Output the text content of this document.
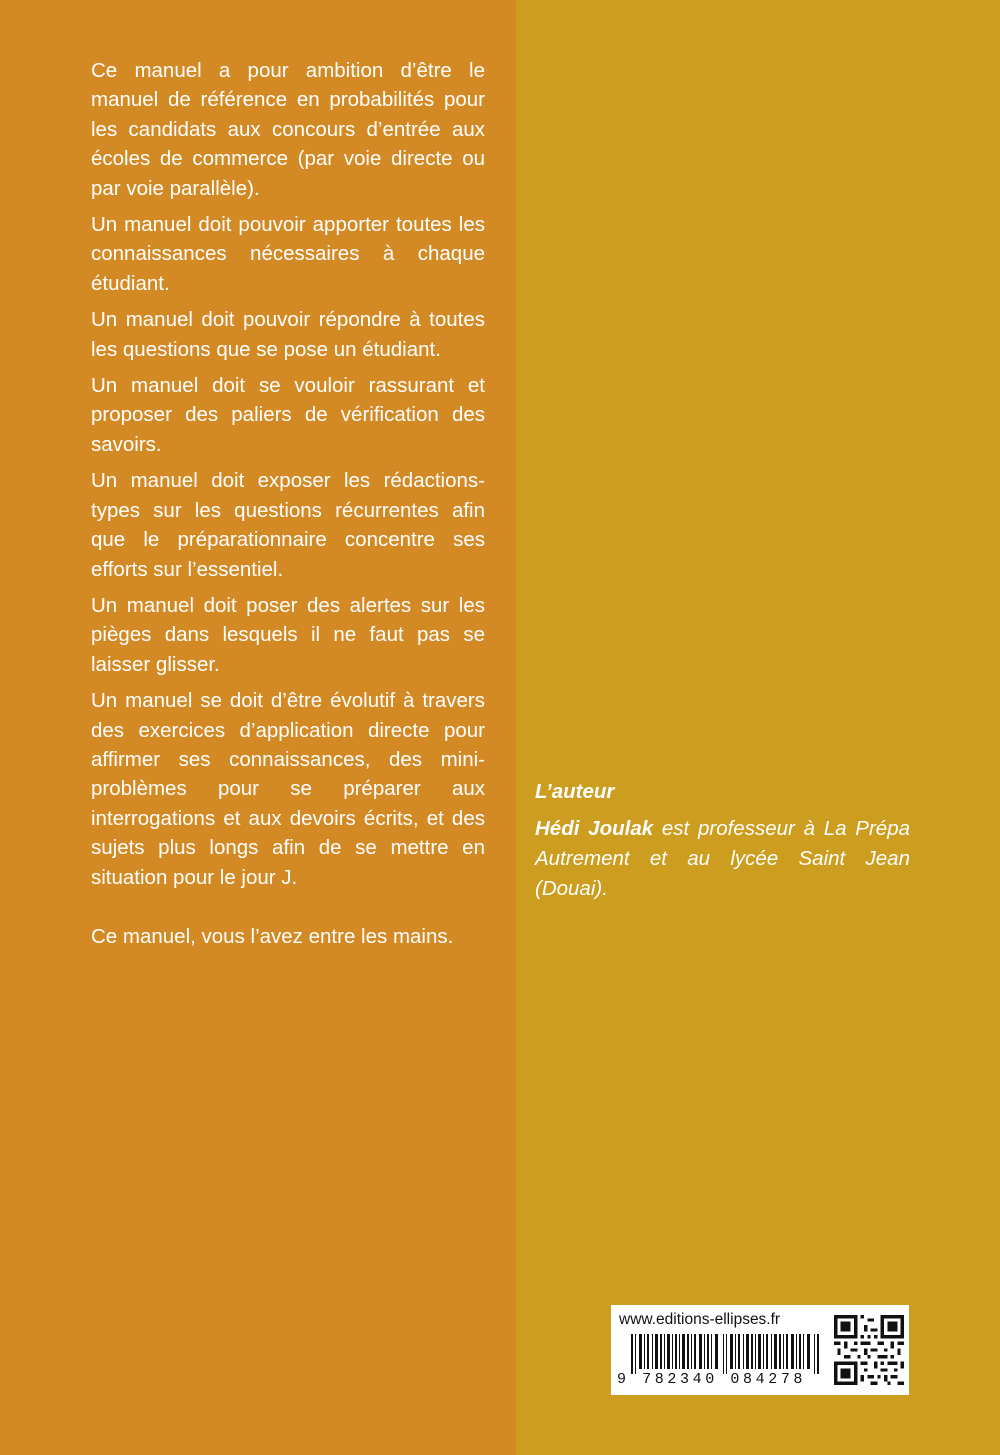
Ce manuel a pour ambition d’être le manuel de référence en probabilités pour les candidats aux concours d’entrée aux écoles de commerce (par voie directe ou par voie parallèle).

Un manuel doit pouvoir apporter toutes les connaissances nécessaires à chaque étudiant.

Un manuel doit pouvoir répondre à toutes les questions que se pose un étudiant.

Un manuel doit se vouloir rassurant et proposer des paliers de vérification des savoirs.

Un manuel doit exposer les rédactions-types sur les questions récurrentes afin que le préparationnaire concentre ses efforts sur l’essentiel.

Un manuel doit poser des alertes sur les pièges dans lesquels il ne faut pas se laisser glisser.

Un manuel se doit d’être évolutif à travers des exercices d’application directe pour affirmer ses connaissances, des mini-problèmes pour se préparer aux interrogations et aux devoirs écrits, et des sujets plus longs afin de se mettre en situation pour le jour J.

Ce manuel, vous l’avez entre les mains.

L’auteur

Hédi Joulak est professeur à La Prépa Autrement et au lycée Saint Jean (Douai).

www.editions-ellipses.fr
9 782340 084278
